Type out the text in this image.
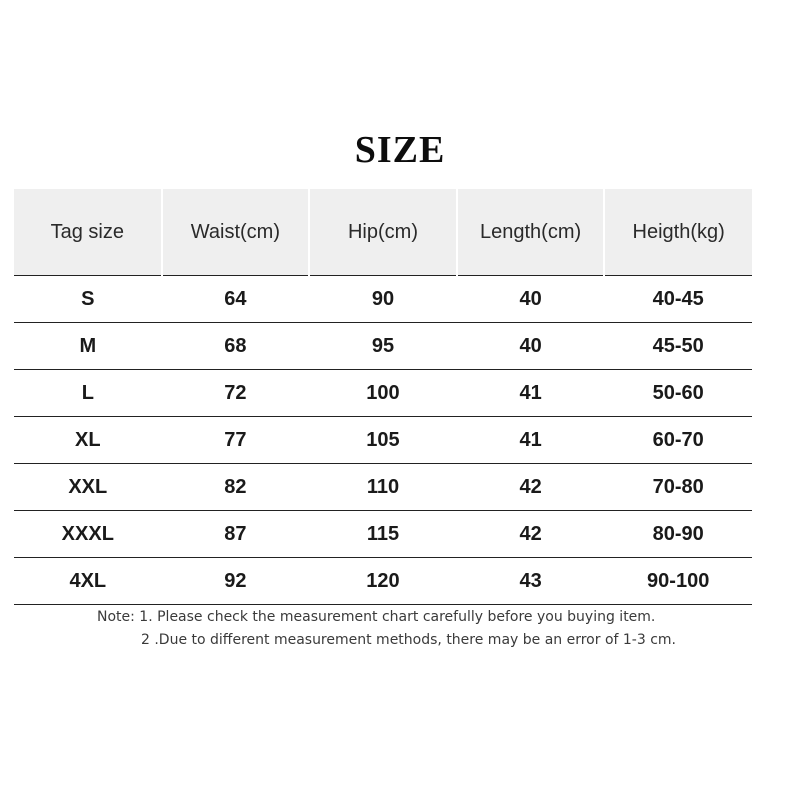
SIZE
Tag size	Waist(cm)	Hip(cm)	Length(cm)	Heigth(kg)
S	64	90	40	40-45
M	68	95	40	45-50
L	72	100	41	50-60
XL	77	105	41	60-70
XXL	82	110	42	70-80
XXXL	87	115	42	80-90
4XL	92	120	43	90-100
Note: 1. Please check the measurement chart carefully before you buying item.
2 .Due to different measurement methods, there may be an error of 1-3 cm.
